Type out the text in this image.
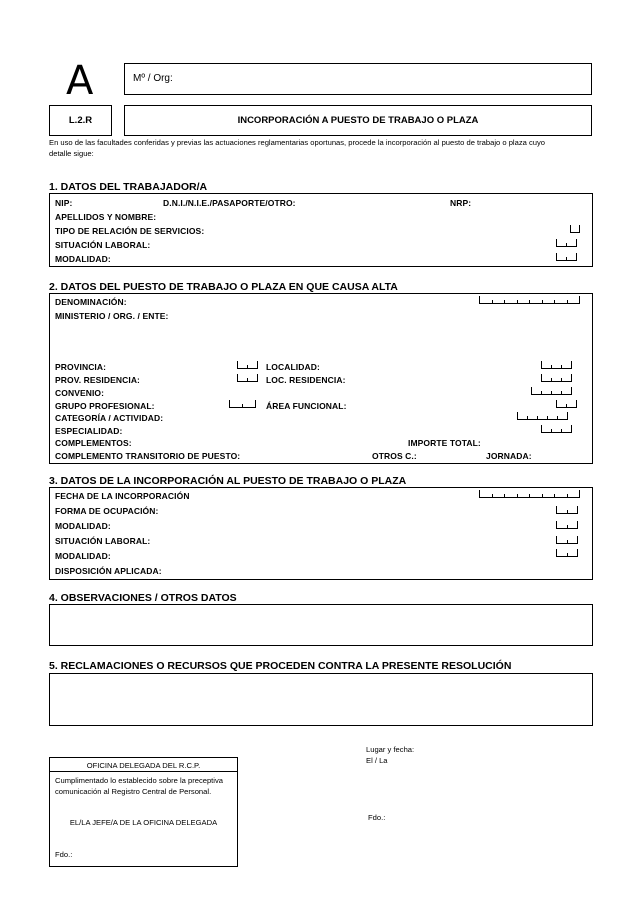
A	Mº / Org:
L.2.R	INCORPORACIÓN A PUESTO DE TRABAJO O PLAZA
En uso de las facultades conferidas y previas las actuaciones reglamentarias oportunas, procede la incorporación al puesto de trabajo o plaza cuyo
detalle sigue:
1. DATOS DEL TRABAJADOR/A
NIP:	D.N.I./N.I.E./PASAPORTE/OTRO:	NRP:
APELLIDOS Y NOMBRE:
TIPO DE RELACIÓN DE SERVICIOS:
SITUACIÓN LABORAL:
MODALIDAD:
2. DATOS DEL PUESTO DE TRABAJO O PLAZA EN QUE CAUSA ALTA
DENOMINACIÓN:
MINISTERIO / ORG. / ENTE:
PROVINCIA:	LOCALIDAD:
PROV. RESIDENCIA:	LOC. RESIDENCIA:
CONVENIO:
GRUPO PROFESIONAL:	ÁREA FUNCIONAL:
CATEGORÍA / ACTIVIDAD:
ESPECIALIDAD:
COMPLEMENTOS:	IMPORTE TOTAL:
COMPLEMENTO TRANSITORIO DE PUESTO:	OTROS C.:	JORNADA:
3. DATOS DE LA INCORPORACIÓN AL PUESTO DE TRABAJO O PLAZA
FECHA DE LA INCORPORACIÓN
FORMA DE OCUPACIÓN:
MODALIDAD:
SITUACIÓN LABORAL:
MODALIDAD:
DISPOSICIÓN APLICADA:
4. OBSERVACIONES / OTROS DATOS
5. RECLAMACIONES O RECURSOS QUE PROCEDEN CONTRA LA PRESENTE RESOLUCIÓN
OFICINA DELEGADA DEL R.C.P.
Cumplimentado lo establecido sobre la preceptiva
comunicación al Registro Central de Personal.
EL/LA JEFE/A DE LA OFICINA DELEGADA
Fdo.:
Lugar y fecha:
El / La
Fdo.:
